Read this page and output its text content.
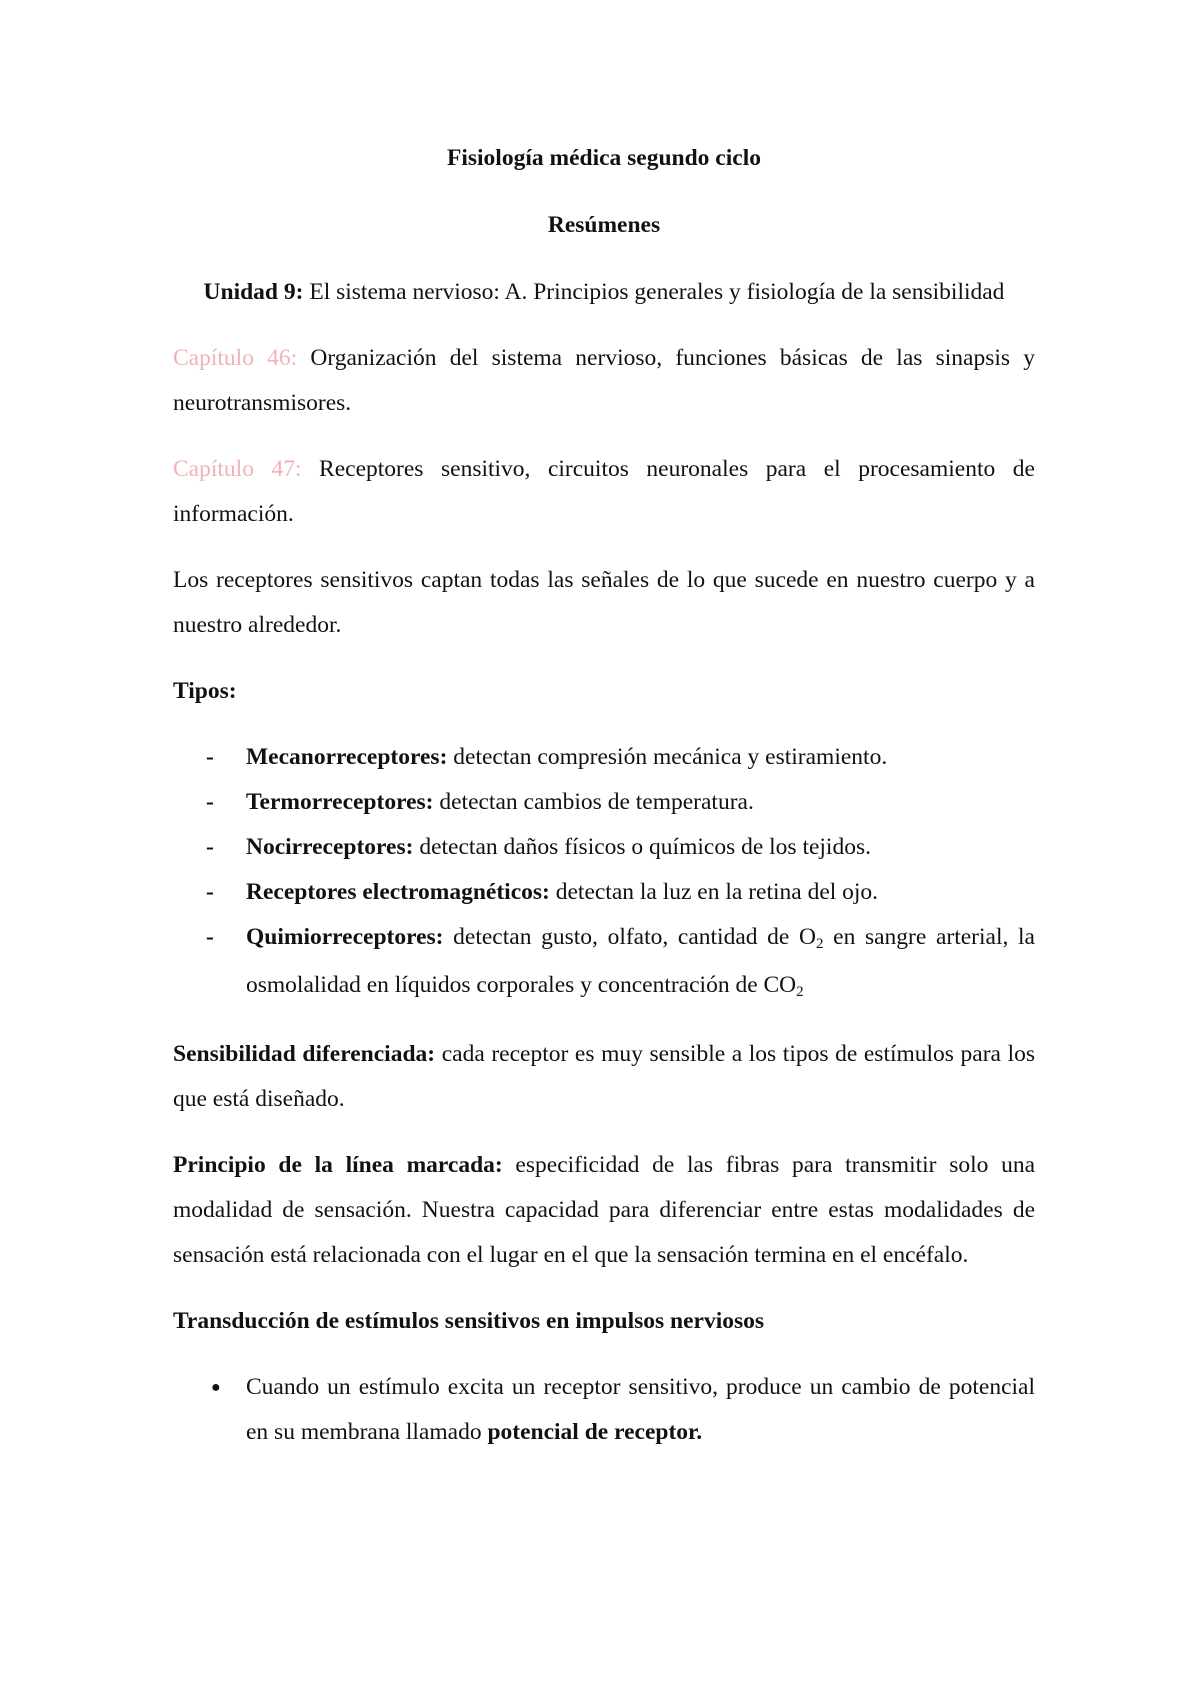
Fisiología médica segundo ciclo

Resúmenes

Unidad 9: El sistema nervioso: A. Principios generales y fisiología de la sensibilidad

Capítulo 46: Organización del sistema nervioso, funciones básicas de las sinapsis y neurotransmisores.

Capítulo 47: Receptores sensitivo, circuitos neuronales para el procesamiento de información.

Los receptores sensitivos captan todas las señales de lo que sucede en nuestro cuerpo y a nuestro alrededor.

Tipos:

- Mecanorreceptores: detectan compresión mecánica y estiramiento.
- Termorreceptores: detectan cambios de temperatura.
- Nocirreceptores: detectan daños físicos o químicos de los tejidos.
- Receptores electromagnéticos: detectan la luz en la retina del ojo.
- Quimiorreceptores: detectan gusto, olfato, cantidad de $O_2$ en sangre arterial, la osmolalidad en líquidos corporales y concentración de $CO_2$

Sensibilidad diferenciada: cada receptor es muy sensible a los tipos de estímulos para los que está diseñado.

Principio de la línea marcada: especificidad de las fibras para transmitir solo una modalidad de sensación. Nuestra capacidad para diferenciar entre estas modalidades de sensación está relacionada con el lugar en el que la sensación termina en el encéfalo.

Transducción de estímulos sensitivos en impulsos nerviosos

● Cuando un estímulo excita un receptor sensitivo, produce un cambio de potencial en su membrana llamado potencial de receptor.
